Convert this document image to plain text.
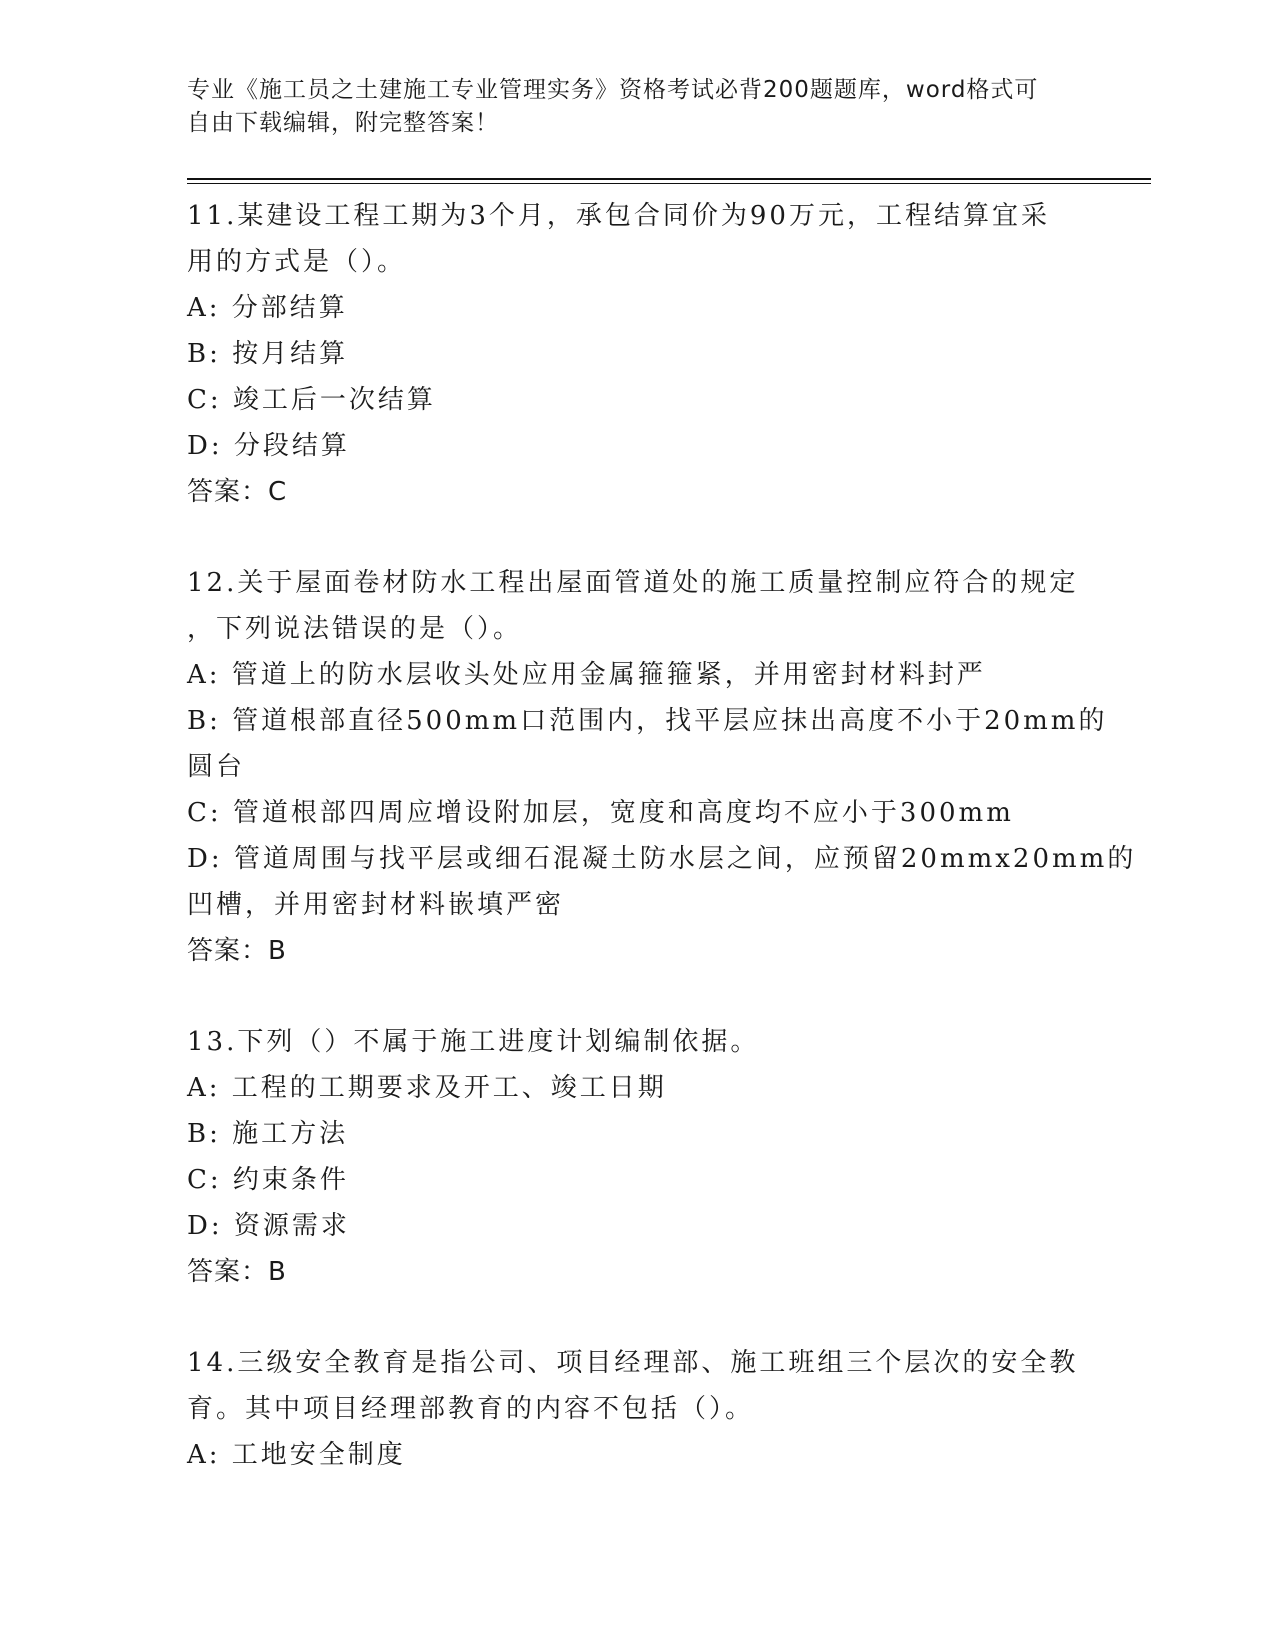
专业《施工员之土建施工专业管理实务》资格考试必背200题题库，word格式可
自由下载编辑，附完整答案！
11.某建设工程工期为3个月，承包合同价为90万元，工程结算宜采
用的方式是（）。
A: 分部结算
B: 按月结算
C: 竣工后一次结算
D: 分段结算
答案：C
12.关于屋面卷材防水工程出屋面管道处的施工质量控制应符合的规定
，下列说法错误的是（）。
A: 管道上的防水层收头处应用金属箍箍紧，并用密封材料封严
B: 管道根部直径500mm口范围内，找平层应抹出高度不小于20mm的
圆台
C: 管道根部四周应增设附加层，宽度和高度均不应小于300mm
D: 管道周围与找平层或细石混凝土防水层之间，应预留20mmx20mm的
凹槽，并用密封材料嵌填严密
答案：B
13.下列（）不属于施工进度计划编制依据。
A: 工程的工期要求及开工、竣工日期
B: 施工方法
C: 约束条件
D: 资源需求
答案：B
14.三级安全教育是指公司、项目经理部、施工班组三个层次的安全教
育。其中项目经理部教育的内容不包括（）。
A: 工地安全制度
